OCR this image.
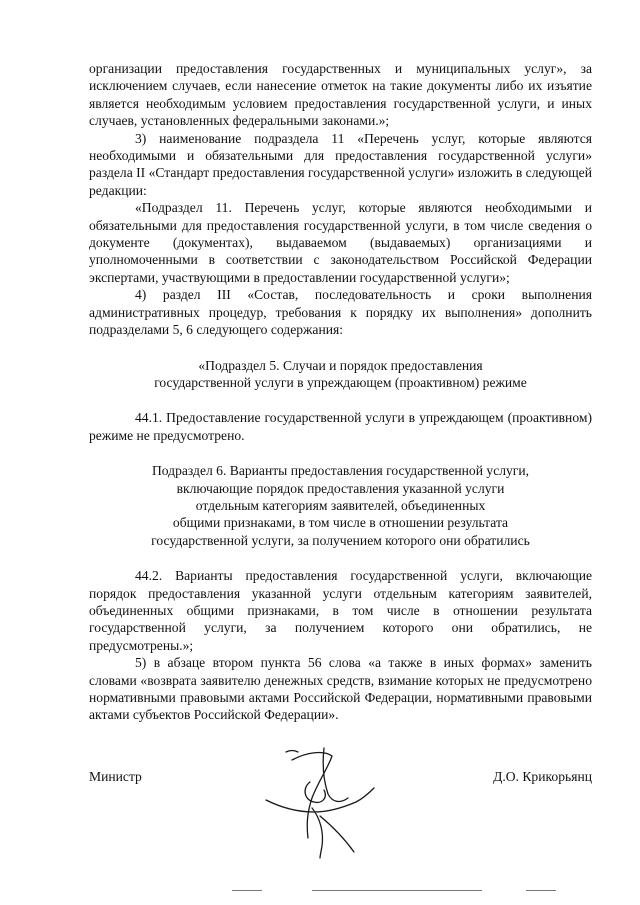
организации предоставления государственных и муниципальных услуг», за исключением случаев, если нанесение отметок на такие документы либо их изъятие является необходимым условием предоставления государственной услуги, и иных случаев, установленных федеральными законами.»;

3) наименование подраздела 11 «Перечень услуг, которые являются необходимыми и обязательными для предоставления государственной услуги» раздела II «Стандарт предоставления государственной услуги» изложить в следующей редакции:

«Подраздел 11. Перечень услуг, которые являются необходимыми и обязательными для предоставления государственной услуги, в том числе сведения о документе (документах), выдаваемом (выдаваемых) организациями и уполномоченными в соответствии с законодательством Российской Федерации экспертами, участвующими в предоставлении государственной услуги»;

4) раздел III «Состав, последовательность и сроки выполнения административных процедур, требования к порядку их выполнения» дополнить подразделами 5, 6 следующего содержания:

«Подраздел 5. Случаи и порядок предоставления

государственной услуги в упреждающем (проактивном) режиме

44.1. Предоставление государственной услуги в упреждающем (проактивном) режиме не предусмотрено.

Подраздел 6. Варианты предоставления государственной услуги,

включающие порядок предоставления указанной услуги

отдельным категориям заявителей, объединенных

общими признаками, в том числе в отношении результата

государственной услуги, за получением которого они обратились

44.2. Варианты предоставления государственной услуги, включающие порядок предоставления указанной услуги отдельным категориям заявителей, объединенных общими признаками, в том числе в отношении результата государственной услуги, за получением которого они обратились, не предусмотрены.»;

5) в абзаце втором пункта 56 слова «а также в иных формах» заменить словами «возврата заявителю денежных средств, взимание которых не предусмотрено нормативными правовыми актами Российской Федерации, нормативными правовыми актами субъектов Российской Федерации».

Министр	Д.О. Крикорьянц
